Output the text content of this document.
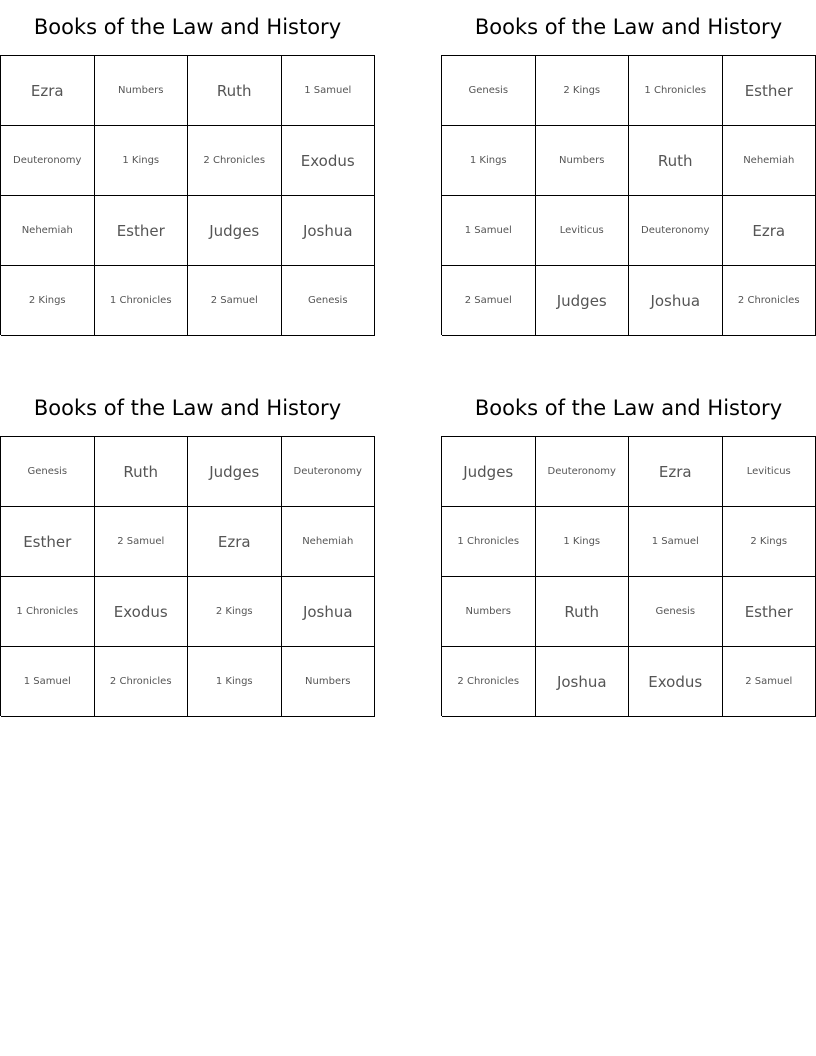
Books of the Law and History
Ezra	Numbers	Ruth	1 Samuel
Deuteronomy	1 Kings	2 Chronicles	Exodus
Nehemiah	Esther	Judges	Joshua
2 Kings	1 Chronicles	2 Samuel	Genesis
Books of the Law and History
Genesis	2 Kings	1 Chronicles	Esther
1 Kings	Numbers	Ruth	Nehemiah
1 Samuel	Leviticus	Deuteronomy	Ezra
2 Samuel	Judges	Joshua	2 Chronicles
Books of the Law and History
Genesis	Ruth	Judges	Deuteronomy
Esther	2 Samuel	Ezra	Nehemiah
1 Chronicles	Exodus	2 Kings	Joshua
1 Samuel	2 Chronicles	1 Kings	Numbers
Books of the Law and History
Judges	Deuteronomy	Ezra	Leviticus
1 Chronicles	1 Kings	1 Samuel	2 Kings
Numbers	Ruth	Genesis	Esther
2 Chronicles	Joshua	Exodus	2 Samuel
